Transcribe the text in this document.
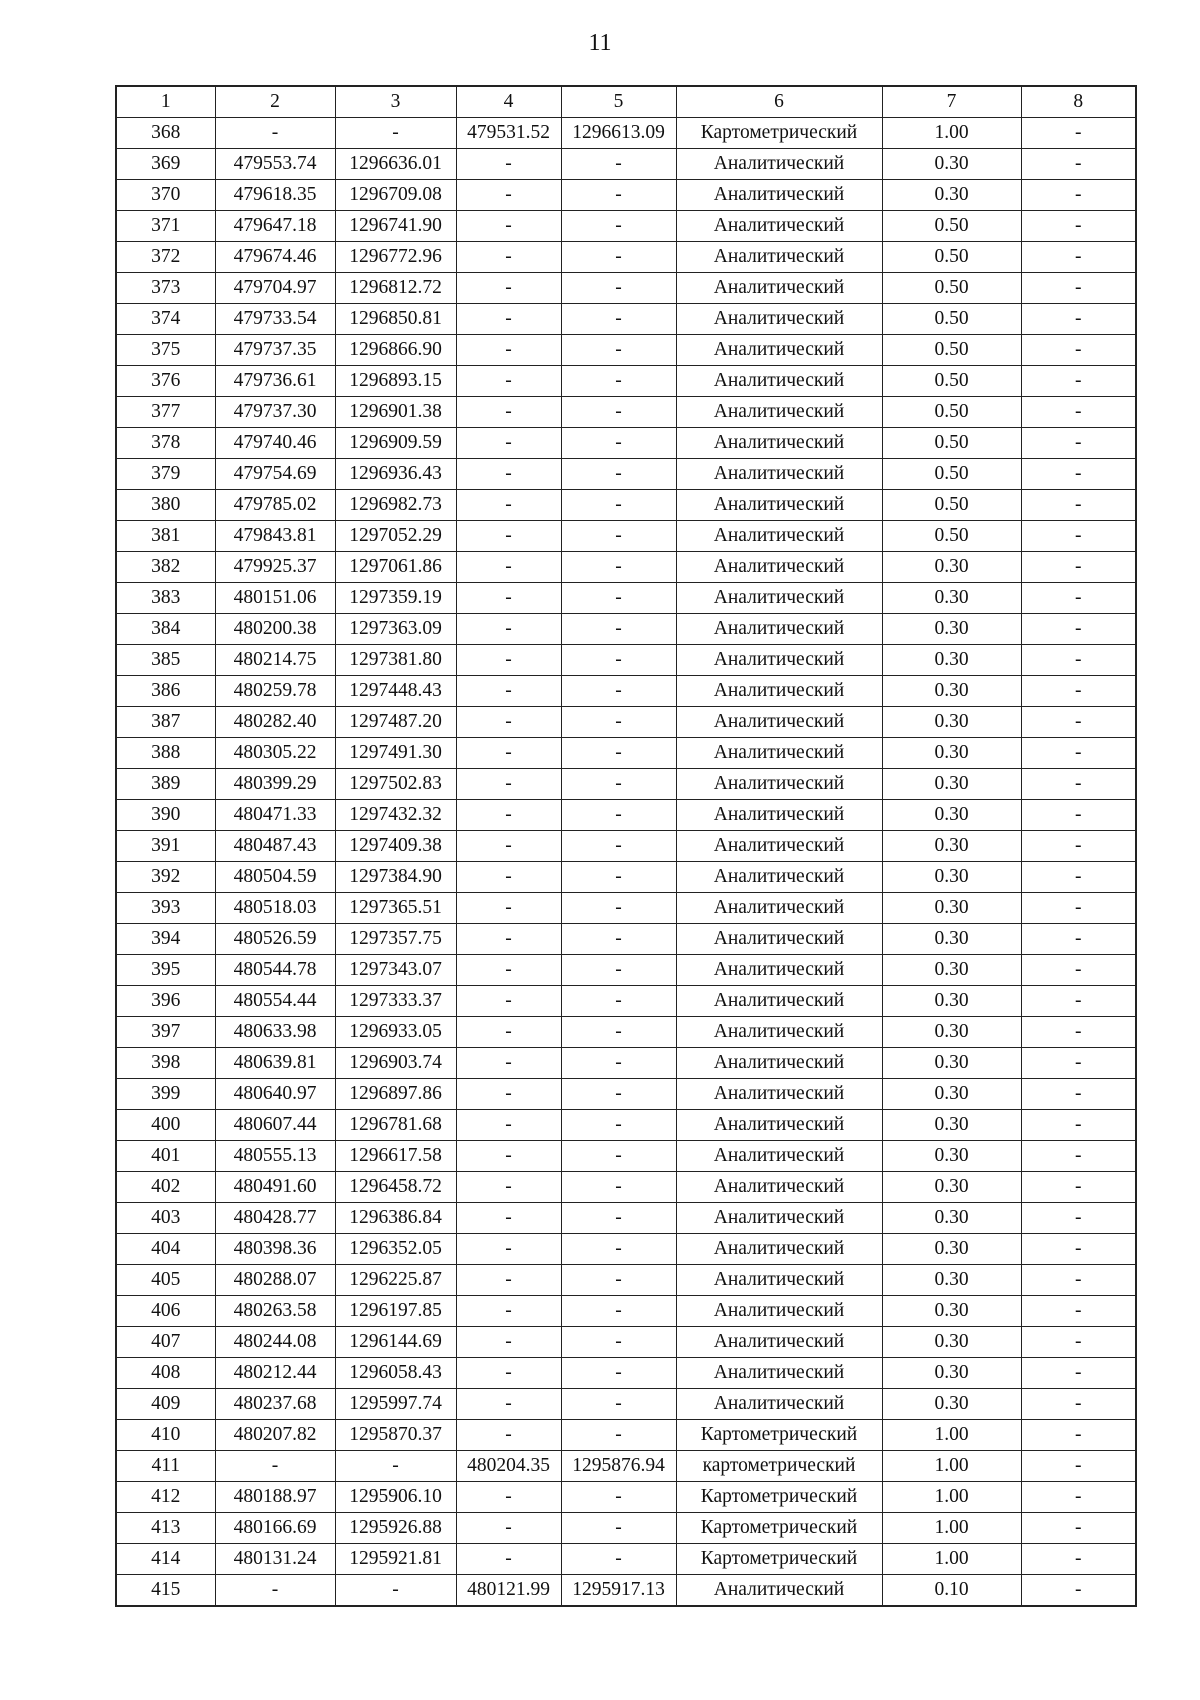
11
1	2	3	4	5	6	7	8
368	-	-	479531.52	1296613.09	Картометрический	1.00	-
369	479553.74	1296636.01	-	-	Аналитический	0.30	-
370	479618.35	1296709.08	-	-	Аналитический	0.30	-
371	479647.18	1296741.90	-	-	Аналитический	0.50	-
372	479674.46	1296772.96	-	-	Аналитический	0.50	-
373	479704.97	1296812.72	-	-	Аналитический	0.50	-
374	479733.54	1296850.81	-	-	Аналитический	0.50	-
375	479737.35	1296866.90	-	-	Аналитический	0.50	-
376	479736.61	1296893.15	-	-	Аналитический	0.50	-
377	479737.30	1296901.38	-	-	Аналитический	0.50	-
378	479740.46	1296909.59	-	-	Аналитический	0.50	-
379	479754.69	1296936.43	-	-	Аналитический	0.50	-
380	479785.02	1296982.73	-	-	Аналитический	0.50	-
381	479843.81	1297052.29	-	-	Аналитический	0.50	-
382	479925.37	1297061.86	-	-	Аналитический	0.30	-
383	480151.06	1297359.19	-	-	Аналитический	0.30	-
384	480200.38	1297363.09	-	-	Аналитический	0.30	-
385	480214.75	1297381.80	-	-	Аналитический	0.30	-
386	480259.78	1297448.43	-	-	Аналитический	0.30	-
387	480282.40	1297487.20	-	-	Аналитический	0.30	-
388	480305.22	1297491.30	-	-	Аналитический	0.30	-
389	480399.29	1297502.83	-	-	Аналитический	0.30	-
390	480471.33	1297432.32	-	-	Аналитический	0.30	-
391	480487.43	1297409.38	-	-	Аналитический	0.30	-
392	480504.59	1297384.90	-	-	Аналитический	0.30	-
393	480518.03	1297365.51	-	-	Аналитический	0.30	-
394	480526.59	1297357.75	-	-	Аналитический	0.30	-
395	480544.78	1297343.07	-	-	Аналитический	0.30	-
396	480554.44	1297333.37	-	-	Аналитический	0.30	-
397	480633.98	1296933.05	-	-	Аналитический	0.30	-
398	480639.81	1296903.74	-	-	Аналитический	0.30	-
399	480640.97	1296897.86	-	-	Аналитический	0.30	-
400	480607.44	1296781.68	-	-	Аналитический	0.30	-
401	480555.13	1296617.58	-	-	Аналитический	0.30	-
402	480491.60	1296458.72	-	-	Аналитический	0.30	-
403	480428.77	1296386.84	-	-	Аналитический	0.30	-
404	480398.36	1296352.05	-	-	Аналитический	0.30	-
405	480288.07	1296225.87	-	-	Аналитический	0.30	-
406	480263.58	1296197.85	-	-	Аналитический	0.30	-
407	480244.08	1296144.69	-	-	Аналитический	0.30	-
408	480212.44	1296058.43	-	-	Аналитический	0.30	-
409	480237.68	1295997.74	-	-	Аналитический	0.30	-
410	480207.82	1295870.37	-	-	Картометрический	1.00	-
411	-	-	480204.35	1295876.94	картометрический	1.00	-
412	480188.97	1295906.10	-	-	Картометрический	1.00	-
413	480166.69	1295926.88	-	-	Картометрический	1.00	-
414	480131.24	1295921.81	-	-	Картометрический	1.00	-
415	-	-	480121.99	1295917.13	Аналитический	0.10	-
